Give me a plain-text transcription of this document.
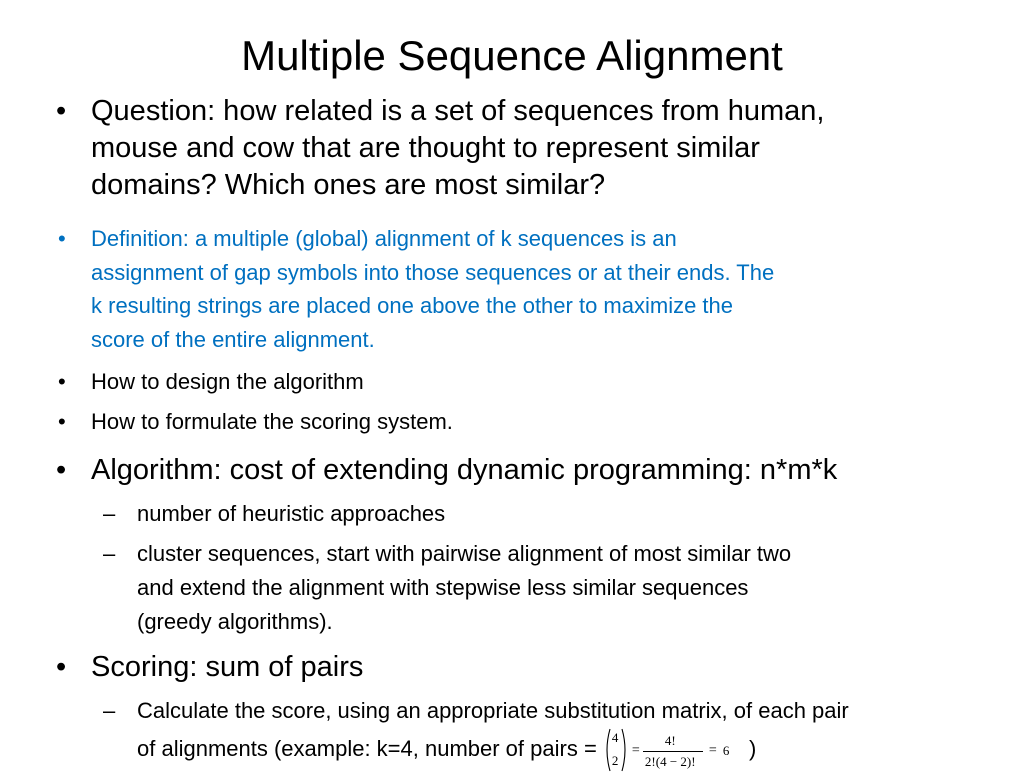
Multiple Sequence Alignment
• Question: how related is a set of sequences from human,
mouse and cow that are thought to represent similar
domains? Which ones are most similar?
• Definition: a multiple (global) alignment of k sequences is an
assignment of gap symbols into those sequences or at their ends. The
k resulting strings are placed one above the other to maximize the
score of the entire alignment.
• How to design the algorithm
• How to formulate the scoring system.
• Algorithm: cost of extending dynamic programming: n*m*k
– number of heuristic approaches
– cluster sequences, start with pairwise alignment of most similar two
and extend the alignment with stepwise less similar sequences
(greedy algorithms).
• Scoring: sum of pairs
– Calculate the score, using an appropriate substitution matrix, of each pair
of alignments (example: k=4, number of pairs = 4
2
=
4!
2!(4 − 2)!
= 6 )
